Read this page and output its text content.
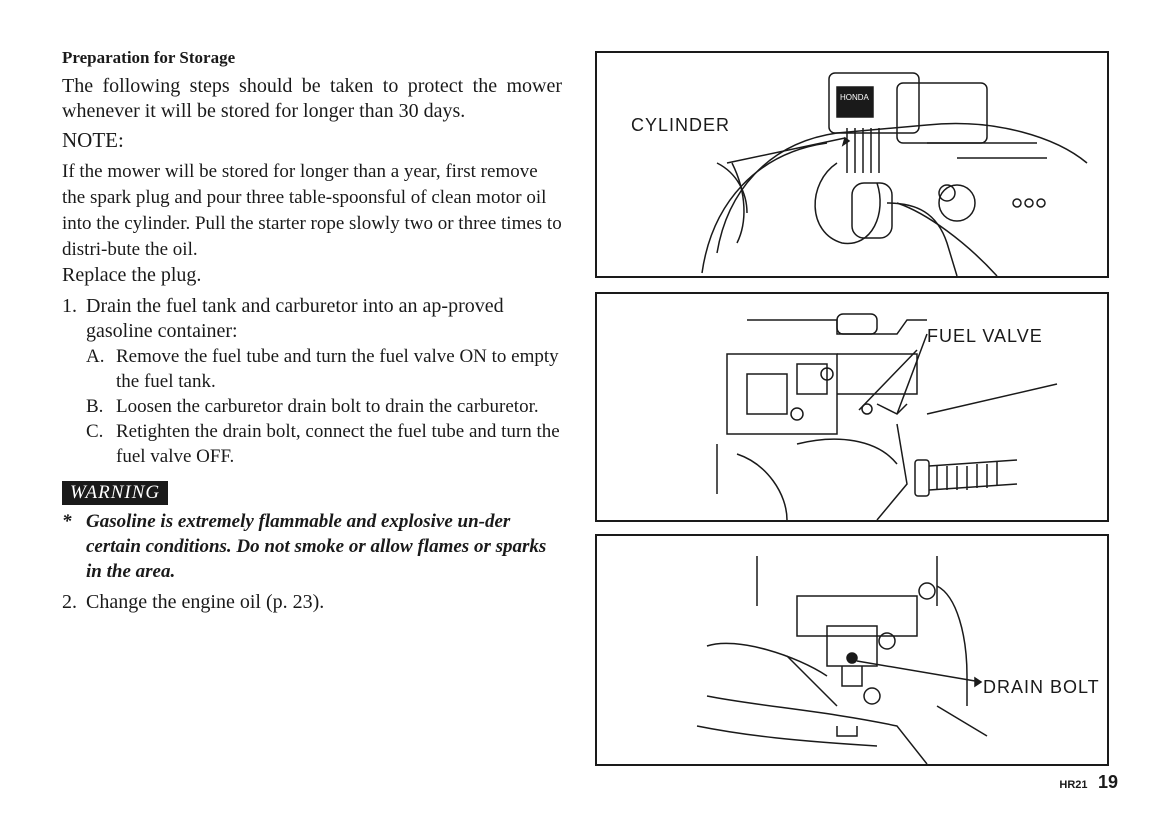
Preparation for Storage

The following steps should be taken to protect the mower whenever it will be stored for longer than 30 days.

NOTE:

If the mower will be stored for longer than a year, first remove the spark plug and pour three table-spoonsful of clean motor oil into the cylinder. Pull the starter rope slowly two or three times to distri-bute the oil.

Replace the plug.

1. Drain the fuel tank and carburetor into an ap-proved gasoline container:
A. Remove the fuel tube and turn the fuel valve ON to empty the fuel tank.
B. Loosen the carburetor drain bolt to drain the carburetor.
C. Retighten the drain bolt, connect the fuel tube and turn the fuel valve OFF.
WARNING
* Gasoline is extremely flammable and explosive un-der certain conditions. Do not smoke or allow flames or sparks in the area.
2. Change the engine oil (p. 23).
CYLINDER
HONDA
FUEL VALVE
DRAIN BOLT
HR21 19
